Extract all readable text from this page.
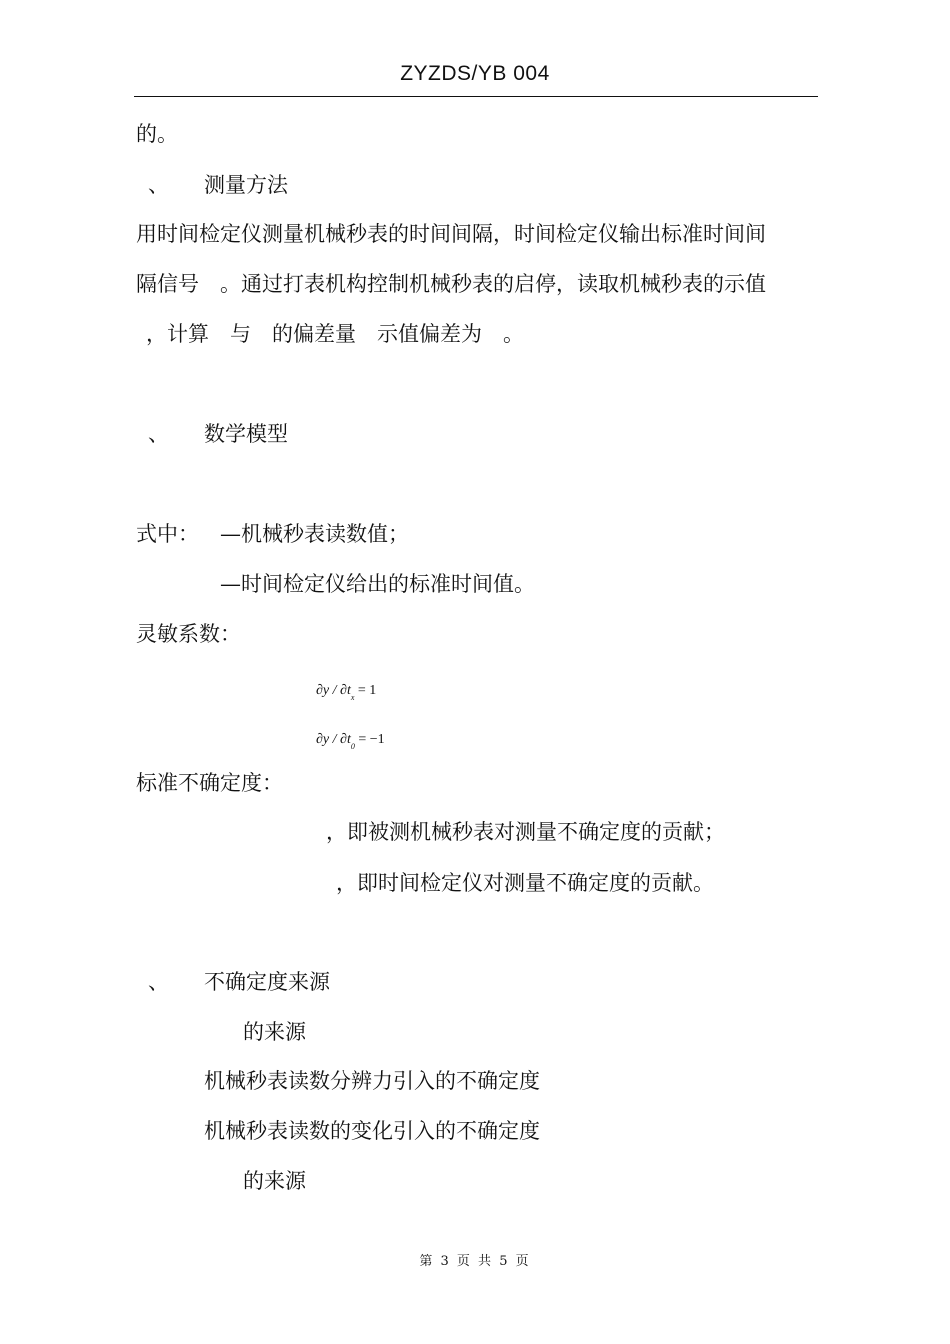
ZYZDS/YB 004
的。
、 测量方法
用时间检定仪测量机械秒表的时间间隔，时间检定仪输出标准时间间
隔信号　。通过打表机构控制机械秒表的启停，读取机械秒表的示值
，计算　与　的偏差量　示值偏差为　。
、 数学模型
式中： —机械秒表读数值；
—时间检定仪给出的标准时间值。
灵敏系数：
$\partial y / \partial t_x = 1$
$\partial y / \partial t_0 = -1$
标准不确定度：
，即被测机械秒表对测量不确定度的贡献；
，即时间检定仪对测量不确定度的贡献。
、 不确定度来源
的来源
机械秒表读数分辨力引入的不确定度
机械秒表读数的变化引入的不确定度
的来源
第 3 页 共 5 页
